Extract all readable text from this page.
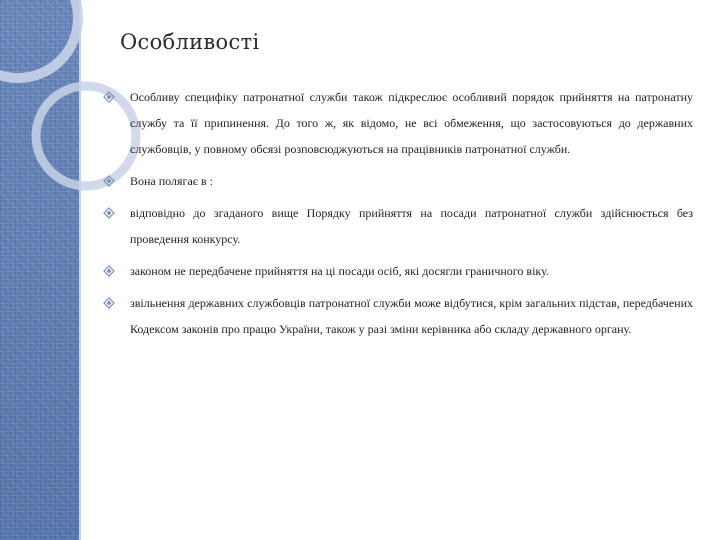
Особливості
Особливу специфіку патронатної служби також підкреслює особливий порядок прийняття на патронатну службу та її припинення. До того ж, як відомо, не всі обмеження, що застосовуються до державних службовців, у повному обсязі розповсюджуються на працівників патронатної служби.
Вона полягає в :
відповідно до згаданого вище Порядку прийняття на посади патронатної служби здійснюється без проведення конкурсу.
законом не передбачене прийняття на ці посади осіб, які досягли граничного віку.
звільнення державних службовців патронатної служби може відбутися, крім загальних підстав, передбачених Кодексом законів про працю України, також у разі зміни керівника або складу державного органу.
